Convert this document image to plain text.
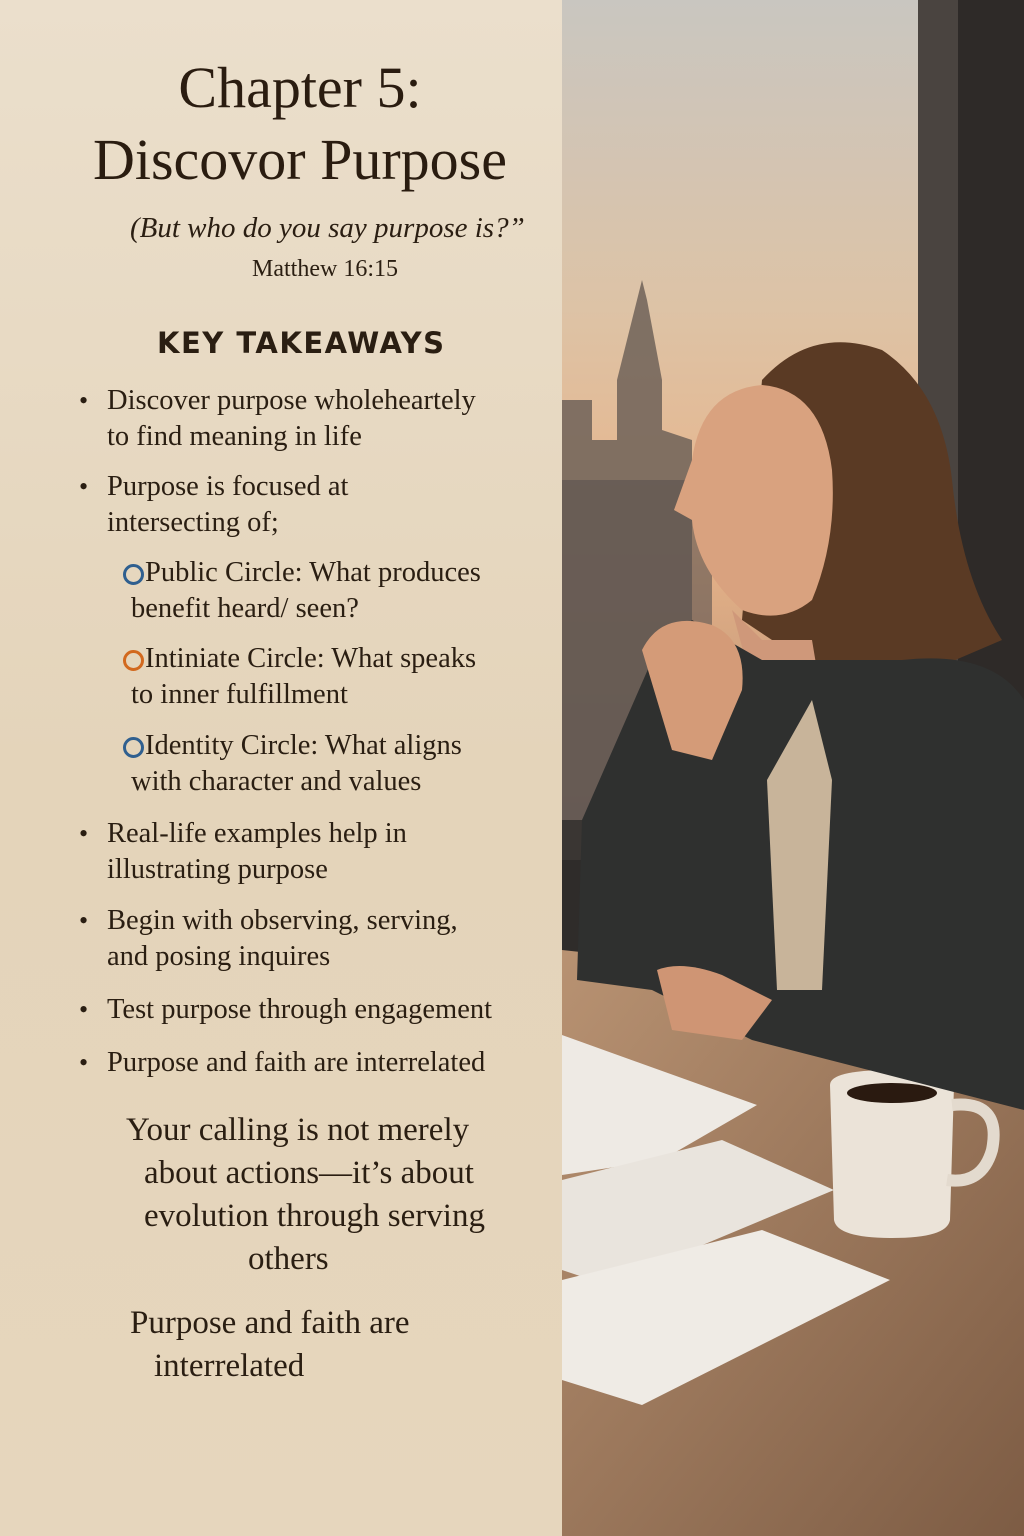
Chapter 5:
Discovor Purpose
(But who do you say purpose is?”
Matthew 16:15
KEY TAKEAWAYS
• Discover purpose wholeheartely
to find meaning in life
• Purpose is focused at
intersecting of;
Public Circle: What produces
benefit heard/ seen?
Intiniate Circle: What speaks
to inner fulfillment
Identity Circle: What aligns
with character and values
• Real-life examples help in
illustrating purpose
• Begin with observing, serving,
and posing inquires
• Test purpose through engagement
• Purpose and faith are interrelated
Your calling is not merely
about actions—it’s about
evolution through serving
others
Purpose and faith are
interrelated
